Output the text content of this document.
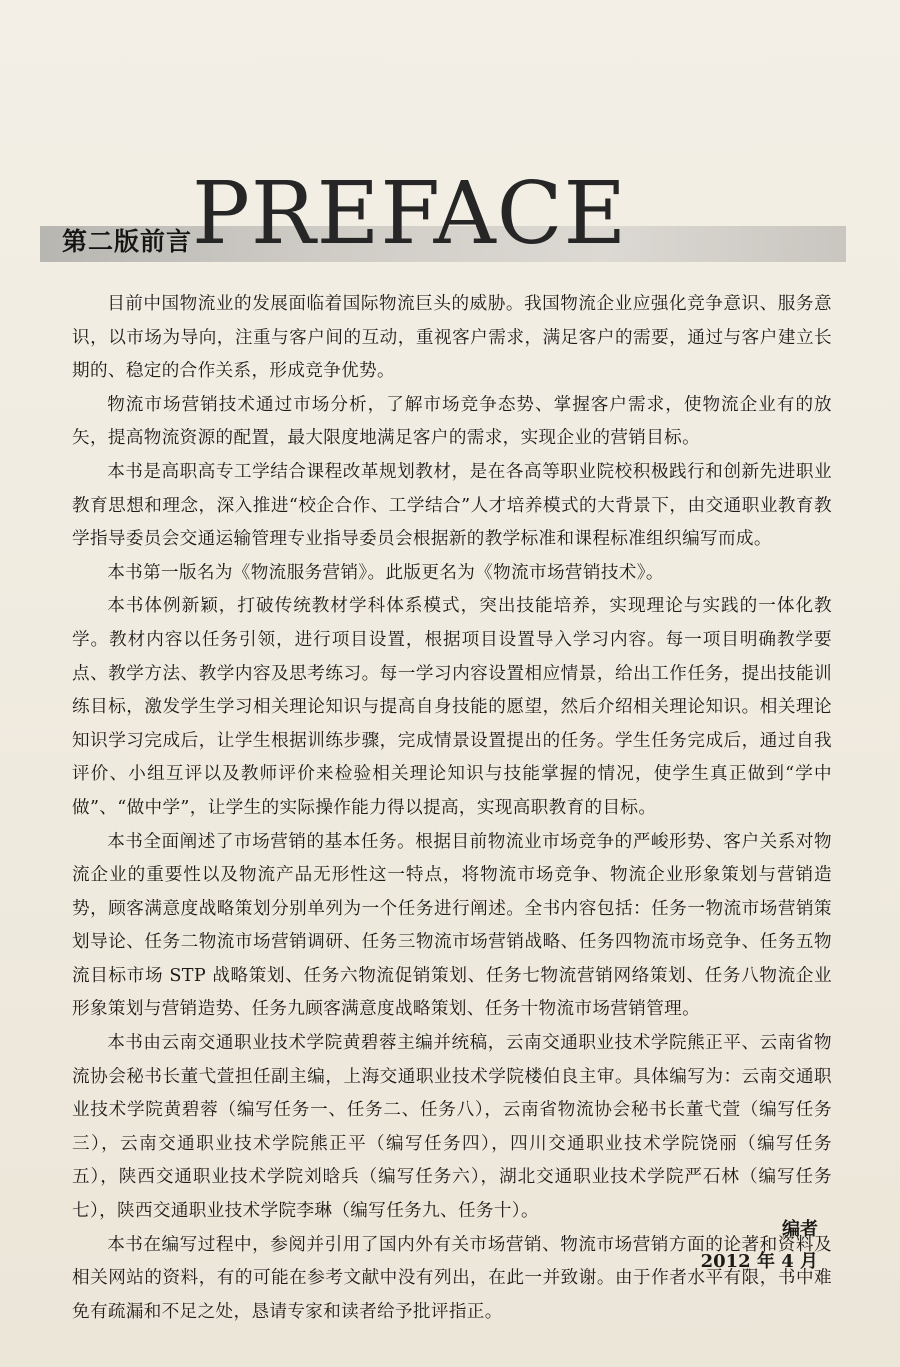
PREFACE
第二版前言

目前中国物流业的发展面临着国际物流巨头的威胁。我国物流企业应强化竞争意识、服务意识，以市场为导向，注重与客户间的互动，重视客户需求，满足客户的需要，通过与客户建立长期的、稳定的合作关系，形成竞争优势。

物流市场营销技术通过市场分析，了解市场竞争态势、掌握客户需求，使物流企业有的放矢，提高物流资源的配置，最大限度地满足客户的需求，实现企业的营销目标。

本书是高职高专工学结合课程改革规划教材，是在各高等职业院校积极践行和创新先进职业教育思想和理念，深入推进“校企合作、工学结合”人才培养模式的大背景下，由交通职业教育教学指导委员会交通运输管理专业指导委员会根据新的教学标准和课程标准组织编写而成。

本书第一版名为《物流服务营销》。此版更名为《物流市场营销技术》。

本书体例新颖，打破传统教材学科体系模式，突出技能培养，实现理论与实践的一体化教学。教材内容以任务引领，进行项目设置，根据项目设置导入学习内容。每一项目明确教学要点、教学方法、教学内容及思考练习。每一学习内容设置相应情景，给出工作任务，提出技能训练目标，激发学生学习相关理论知识与提高自身技能的愿望，然后介绍相关理论知识。相关理论知识学习完成后，让学生根据训练步骤，完成情景设置提出的任务。学生任务完成后，通过自我评价、小组互评以及教师评价来检验相关理论知识与技能掌握的情况，使学生真正做到“学中做”、“做中学”，让学生的实际操作能力得以提高，实现高职教育的目标。

本书全面阐述了市场营销的基本任务。根据目前物流业市场竞争的严峻形势、客户关系对物流企业的重要性以及物流产品无形性这一特点，将物流市场竞争、物流企业形象策划与营销造势，顾客满意度战略策划分别单列为一个任务进行阐述。全书内容包括：任务一物流市场营销策划导论、任务二物流市场营销调研、任务三物流市场营销战略、任务四物流市场竞争、任务五物流目标市场 STP 战略策划、任务六物流促销策划、任务七物流营销网络策划、任务八物流企业形象策划与营销造势、任务九顾客满意度战略策划、任务十物流市场营销管理。

本书由云南交通职业技术学院黄碧蓉主编并统稿，云南交通职业技术学院熊正平、云南省物流协会秘书长董弋萱担任副主编，上海交通职业技术学院楼伯良主审。具体编写为：云南交通职业技术学院黄碧蓉（编写任务一、任务二、任务八），云南省物流协会秘书长董弋萱（编写任务三），云南交通职业技术学院熊正平（编写任务四），四川交通职业技术学院饶丽（编写任务五），陕西交通职业技术学院刘晗兵（编写任务六），湖北交通职业技术学院严石林（编写任务七），陕西交通职业技术学院李琳（编写任务九、任务十）。

本书在编写过程中，参阅并引用了国内外有关市场营销、物流市场营销方面的论著和资料及相关网站的资料，有的可能在参考文献中没有列出，在此一并致谢。由于作者水平有限，书中难免有疏漏和不足之处，恳请专家和读者给予批评指正。

编者
2012 年 4 月
